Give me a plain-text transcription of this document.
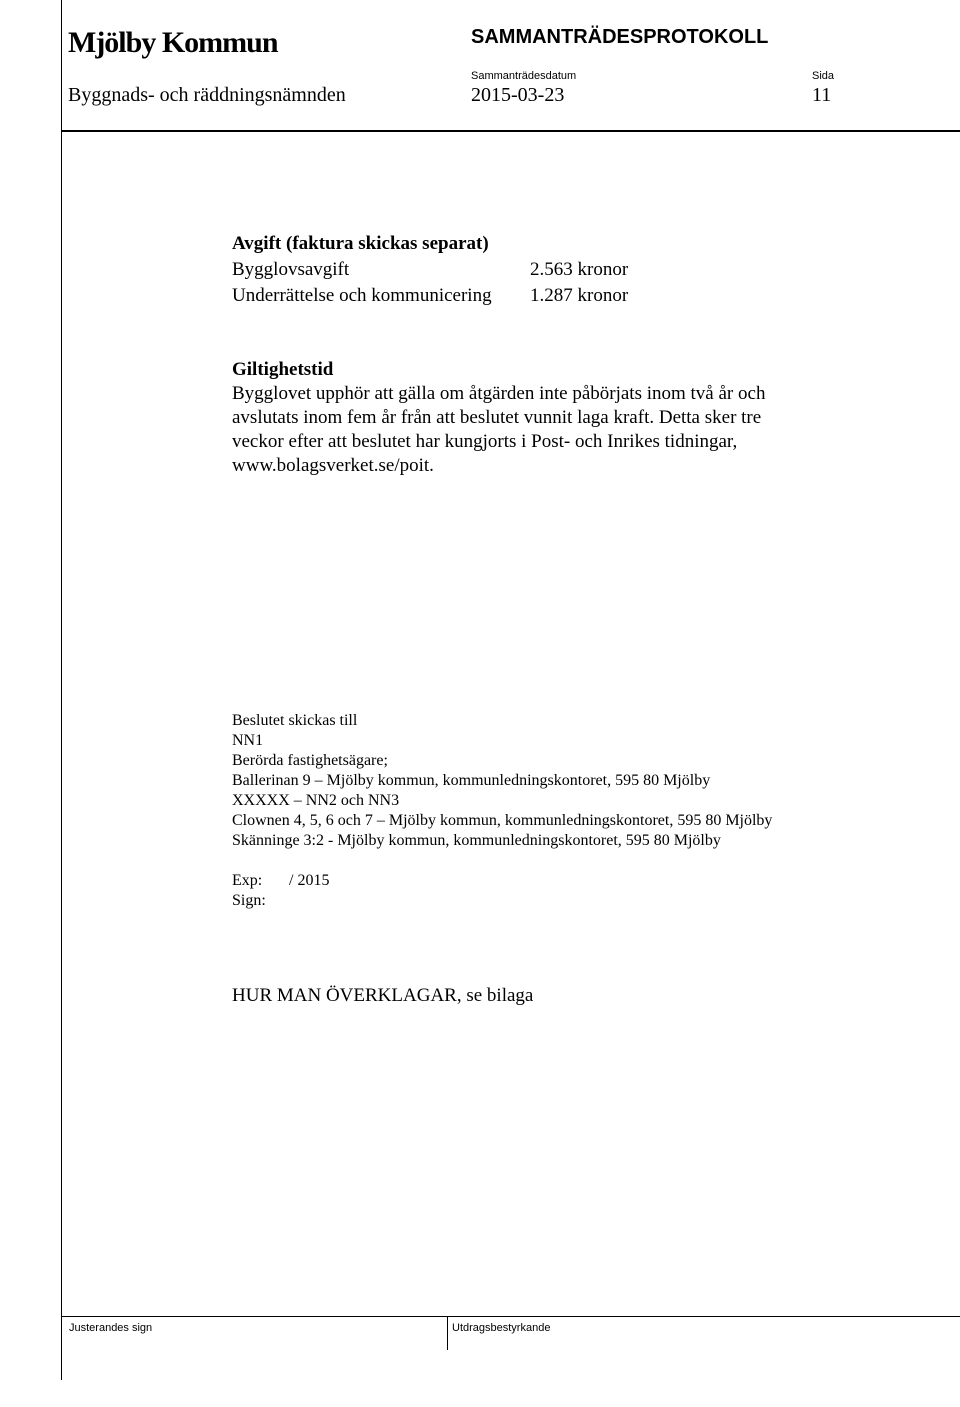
Mjölby Kommun	SAMMANTRÄDESPROTOKOLL
Byggnads- och räddningsnämnden
Sammanträdesdatum
2015-03-23
Sida
11
Avgift (faktura skickas separat)
Bygglovsavgift	2.563 kronor
Underrättelse och kommunicering 1.287 kronor
Giltighetstid
Bygglovet upphör att gälla om åtgärden inte påbörjats inom två år och
avslutats inom fem år från att beslutet vunnit laga kraft. Detta sker tre
veckor efter att beslutet har kungjorts i Post- och Inrikes tidningar,
www.bolagsverket.se/poit.
Beslutet skickas till
NN1
Berörda fastighetsägare;
Ballerinan 9 – Mjölby kommun, kommunledningskontoret, 595 80 Mjölby
XXXXX – NN2 och NN3
Clownen 4, 5, 6 och 7 – Mjölby kommun, kommunledningskontoret, 595 80 Mjölby
Skänninge 3:2 - Mjölby kommun, kommunledningskontoret, 595 80 Mjölby
Exp: / 2015
Sign:
HUR MAN ÖVERKLAGAR, se bilaga
Justerandes sign	Utdragsbestyrkande
